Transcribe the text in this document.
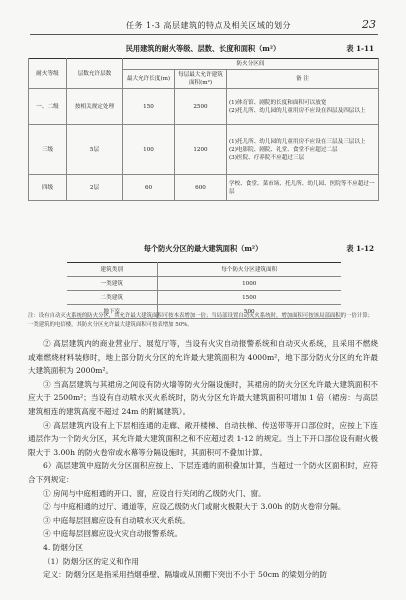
任务 1-3 高层建筑的特点及相关区域的划分	23
民用建筑的耐火等级、层数、长度和面积（m²）	表 1-11
耐火等级	层数允许层数	防火分区间		
		最大允许长度(m)	每层最大允许建筑面积(m²)	备 注
一、二级	按相关规定处理	150	2500	(1)体育馆、剧院的长度和面积可以放宽
(2)托儿所、幼儿园的儿童用房不应设在四层及四层以上

三级	5层	100	1200	(1)托儿所、幼儿园的儿童用房不应设在三层及三层以上
(2)电影院、剧院、礼堂、食堂不应超过二层
(3)医院、疗养院不应超过三层

四级	2层	60	600	学校、食堂、菜市场、托儿所、幼儿园、医院等不应超过一层
每个防火分区的最大建筑面积（m²）	表 1-12
建筑类别	每个防火分区建筑面积
一类建筑	1000
二类建筑	1500
地下室	500
注：设有自动灭火系统的防火分区，其允许最大建筑面积可按本表增加一倍；当局部设置自动灭火系统时，增加面积可按该局部面积的一倍计算；一类建筑的电信楼，其防火分区允许最大建筑面积可按表增加 50%。

② 高层建筑内的商业营业厅、展览厅等，当设有火灾自动报警系统和自动灭火系统，且采用不燃烧或难燃烧材料装修时，地上部分防火分区的允许最大建筑面积为 4000m²，地下部分防火分区的允许最大建筑面积为 2000m²。

③ 当高层建筑与其裙房之间设有防火墙等防火分隔设施时，其裙房的防火分区允许最大建筑面积不应大于 2500m²；当设有自动喷水灭火系统时，防火分区允许最大建筑面积可增加 1 倍（裙房：与高层建筑相连的建筑高度不超过 24m 的附属建筑）。

④ 高层建筑内设有上下层相连通的走廊、敞开楼梯、自动扶梯、传送带等开口部位时，应按上下连通层作为一个防火分区，其允许最大建筑面积之和不应超过表 1-12 的规定。当上下开口部位设有耐火极限大于 3.00h 的防火卷帘或水幕等分隔设施时，其面积可不叠加计算。

6）高层建筑中庭防火分区面积应按上、下层连通的面积叠加计算，当超过一个防火区面积时，应符合下列规定：

① 房间与中庭相通的开口、窗，应设自行关闭的乙级防火门、窗。

② 与中庭相通的过厅、通道等，应设乙级防火门或耐火极限大于 3.00h 的防火卷帘分隔。

③ 中庭每层回廊应设有自动喷水灭火系统。

④ 中庭每层回廊应设火灾自动报警系统。

4. 防烟分区

（1）防烟分区的定义和作用

定义：防烟分区是指采用挡烟垂壁、隔墙或从顶棚下突出不小于 50cm 的梁划分的防
